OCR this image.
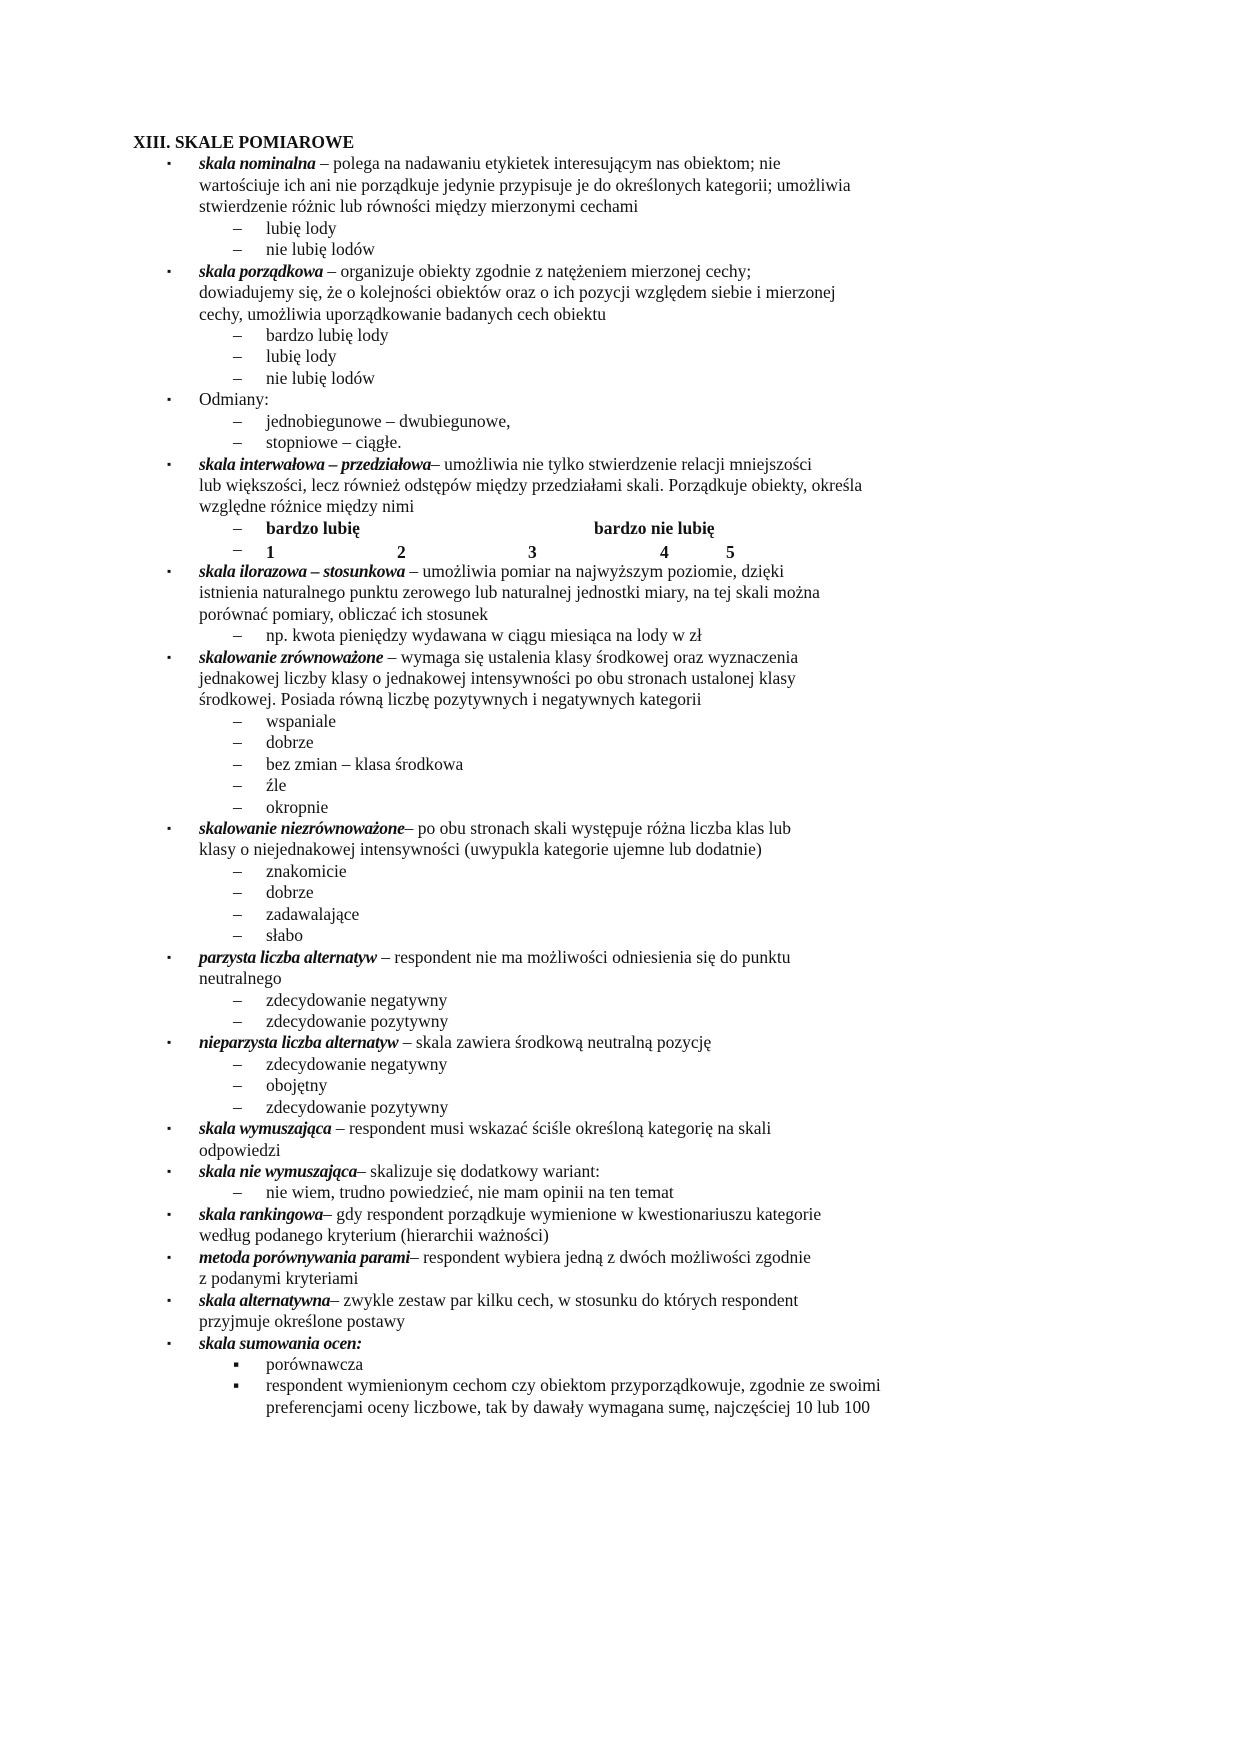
XIII. SKALE POMIAROWE
▪ skala nominalna – polega na nadawaniu etykietek interesującym nas obiektom; nie
wartościuje ich ani nie porządkuje jedynie przypisuje je do określonych kategorii; umożliwia
stwierdzenie różnic lub równości między mierzonymi cechami
– lubię lody
– nie lubię lodów
▪ skala porządkowa – organizuje obiekty zgodnie z natężeniem mierzonej cechy;
dowiadujemy się, że o kolejności obiektów oraz o ich pozycji względem siebie i mierzonej
cechy, umożliwia uporządkowanie badanych cech obiektu
– bardzo lubię lody
– lubię lody
– nie lubię lodów
▪ Odmiany:
– jednobiegunowe – dwubiegunowe,
– stopniowe – ciągłe.
▪ skala interwałowa – przedziałowa– umożliwia nie tylko stwierdzenie relacji mniejszości
lub większości, lecz również odstępów między przedziałami skali. Porządkuje obiekty, określa
względne różnice między nimi
– bardzo lubię	bardzo nie lubię
– 1	2	3	4	5
▪ skala ilorazowa – stosunkowa – umożliwia pomiar na najwyższym poziomie, dzięki
istnienia naturalnego punktu zerowego lub naturalnej jednostki miary, na tej skali można
porównać pomiary, obliczać ich stosunek
– np. kwota pieniędzy wydawana w ciągu miesiąca na lody w zł
▪ skalowanie zrównoważone – wymaga się ustalenia klasy środkowej oraz wyznaczenia
jednakowej liczby klasy o jednakowej intensywności po obu stronach ustalonej klasy
środkowej. Posiada równą liczbę pozytywnych i negatywnych kategorii
– wspaniale
– dobrze
– bez zmian – klasa środkowa
– źle
– okropnie
▪ skalowanie niezrównoważone– po obu stronach skali występuje różna liczba klas lub
klasy o niejednakowej intensywności (uwypukla kategorie ujemne lub dodatnie)
– znakomicie
– dobrze
– zadawalające
– słabo
▪ parzysta liczba alternatyw – respondent nie ma możliwości odniesienia się do punktu
neutralnego
– zdecydowanie negatywny
– zdecydowanie pozytywny
▪ nieparzysta liczba alternatyw – skala zawiera środkową neutralną pozycję
– zdecydowanie negatywny
– obojętny
– zdecydowanie pozytywny
▪ skala wymuszająca – respondent musi wskazać ściśle określoną kategorię na skali
odpowiedzi
▪ skala nie wymuszająca– skalizuje się dodatkowy wariant:
– nie wiem, trudno powiedzieć, nie mam opinii na ten temat
▪ skala rankingowa– gdy respondent porządkuje wymienione w kwestionariuszu kategorie
według podanego kryterium (hierarchii ważności)
▪ metoda porównywania parami– respondent wybiera jedną z dwóch możliwości zgodnie
z podanymi kryteriami
▪ skala alternatywna– zwykle zestaw par kilku cech, w stosunku do których respondent
przyjmuje określone postawy
▪ skala sumowania ocen:
▪ porównawcza
▪ respondent wymienionym cechom czy obiektom przyporządkowuje, zgodnie ze swoimi
preferencjami oceny liczbowe, tak by dawały wymagana sumę, najczęściej 10 lub 100
